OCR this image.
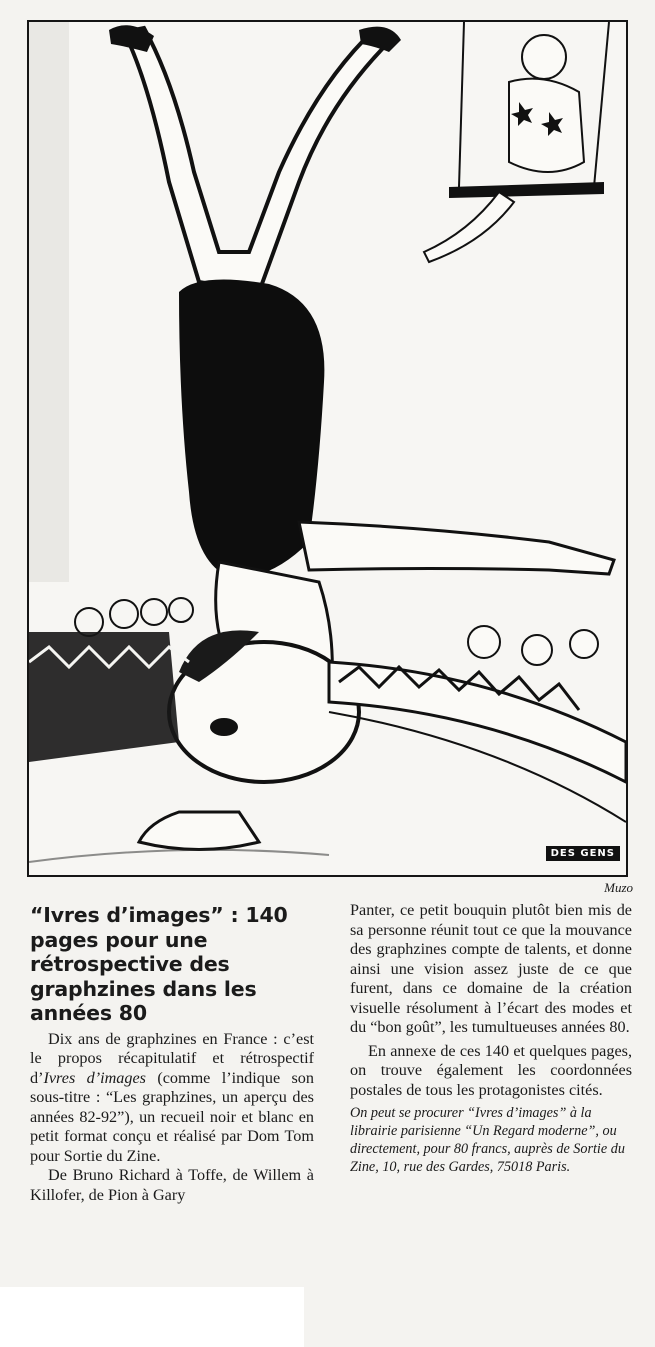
DES GENS
Muzo
“Ivres d’images” : 140 pages pour une rétrospective des graphzines dans les années 80

Dix ans de graphzines en France : c’est le propos récapitulatif et rétrospectif d’Ivres d’images (comme l’indique son sous-titre : “Les graphzines, un aperçu des années 82-92”), un recueil noir et blanc en petit format conçu et réalisé par Dom Tom pour Sortie du Zine.

De Bruno Richard à Toffe, de Willem à Killofer, de Pion à Gary

Panter, ce petit bouquin plutôt bien mis de sa personne réunit tout ce que la mouvance des graphzines compte de talents, et donne ainsi une vision assez juste de ce que furent, dans ce domaine de la création visuelle résolument à l’écart des modes et du “bon goût”, les tumultueuses années 80.

En annexe de ces 140 et quelques pages, on trouve également les coordonnées postales de tous les protagonistes cités.

On peut se procurer “Ivres d’images” à la librairie parisienne “Un Regard moderne”, ou directement, pour 80 francs, auprès de Sortie du Zine, 10, rue des Gardes, 75018 Paris.
